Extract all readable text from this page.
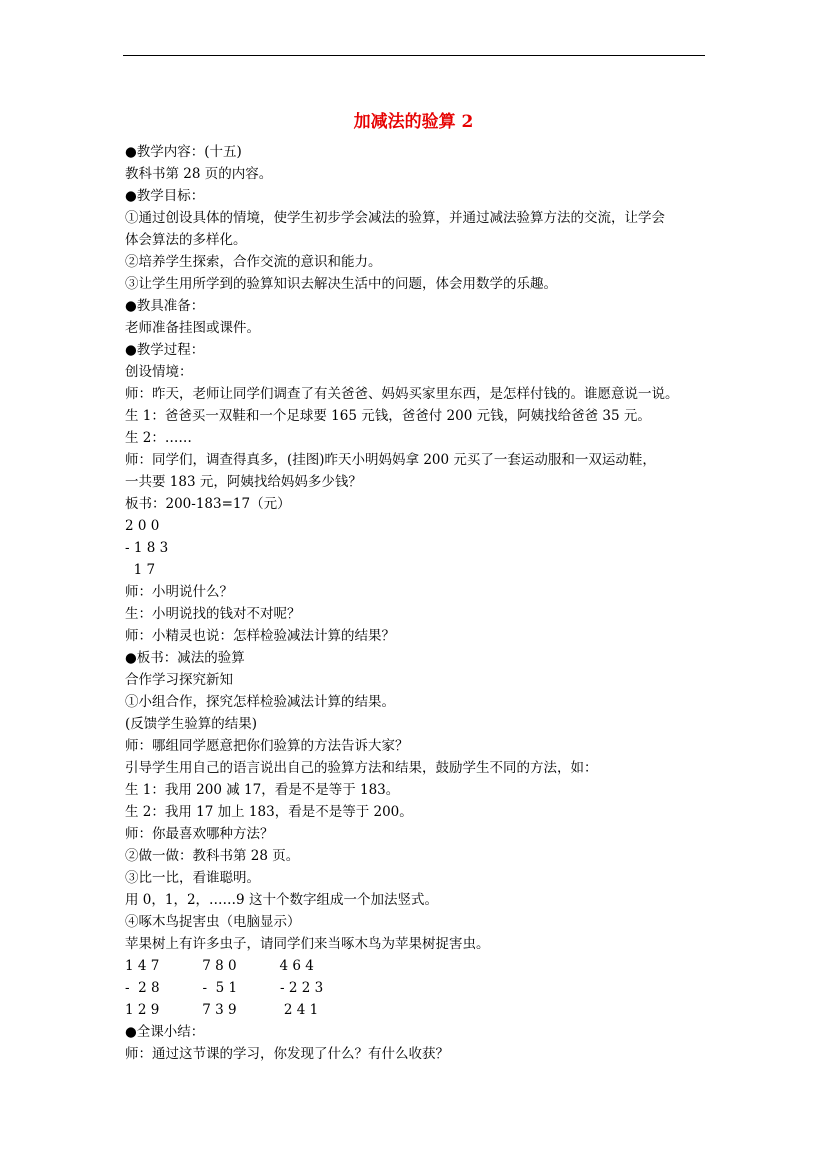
加减法的验算 2
●教学内容：(十五)
教科书第 28 页的内容。
●教学目标：
①通过创设具体的情境，使学生初步学会减法的验算，并通过减法验算方法的交流，让学会
体会算法的多样化。
②培养学生探索，合作交流的意识和能力。
③让学生用所学到的验算知识去解决生活中的问题，体会用数学的乐趣。
●教具准备：
老师准备挂图或课件。
●教学过程：
创设情境：
师：昨天，老师让同学们调查了有关爸爸、妈妈买家里东西，是怎样付钱的。谁愿意说一说。
生 1：爸爸买一双鞋和一个足球要 165 元钱，爸爸付 200 元钱，阿姨找给爸爸 35 元。
生 2：……
师：同学们，调查得真多，(挂图)昨天小明妈妈拿 200 元买了一套运动服和一双运动鞋，
一共要 183 元，阿姨找给妈妈多少钱？
板书：200-183=17（元）
2 0 0
- 1 8 3
1 7
师：小明说什么？
生：小明说找的钱对不对呢？
师：小精灵也说：怎样检验减法计算的结果？
●板书：减法的验算
合作学习探究新知
①小组合作，探究怎样检验减法计算的结果。
(反馈学生验算的结果)
师：哪组同学愿意把你们验算的方法告诉大家？
引导学生用自己的语言说出自己的验算方法和结果，鼓励学生不同的方法，如：
生 1：我用 200 减 17，看是不是等于 183。
生 2：我用 17 加上 183，看是不是等于 200。
师：你最喜欢哪种方法？
②做一做：教科书第 28 页。
③比一比，看谁聪明。
用 0，1，2，……9 这十个数字组成一个加法竖式。
④啄木鸟捉害虫（电脑显示）
苹果树上有许多虫子，请同学们来当啄木鸟为苹果树捉害虫。
1 4 7          7 8 0          4 6 4
-  2 8          -  5 1          - 2 2 3
1 2 9          7 3 9           2 4 1
●全课小结：
师：通过这节课的学习，你发现了什么？有什么收获？
